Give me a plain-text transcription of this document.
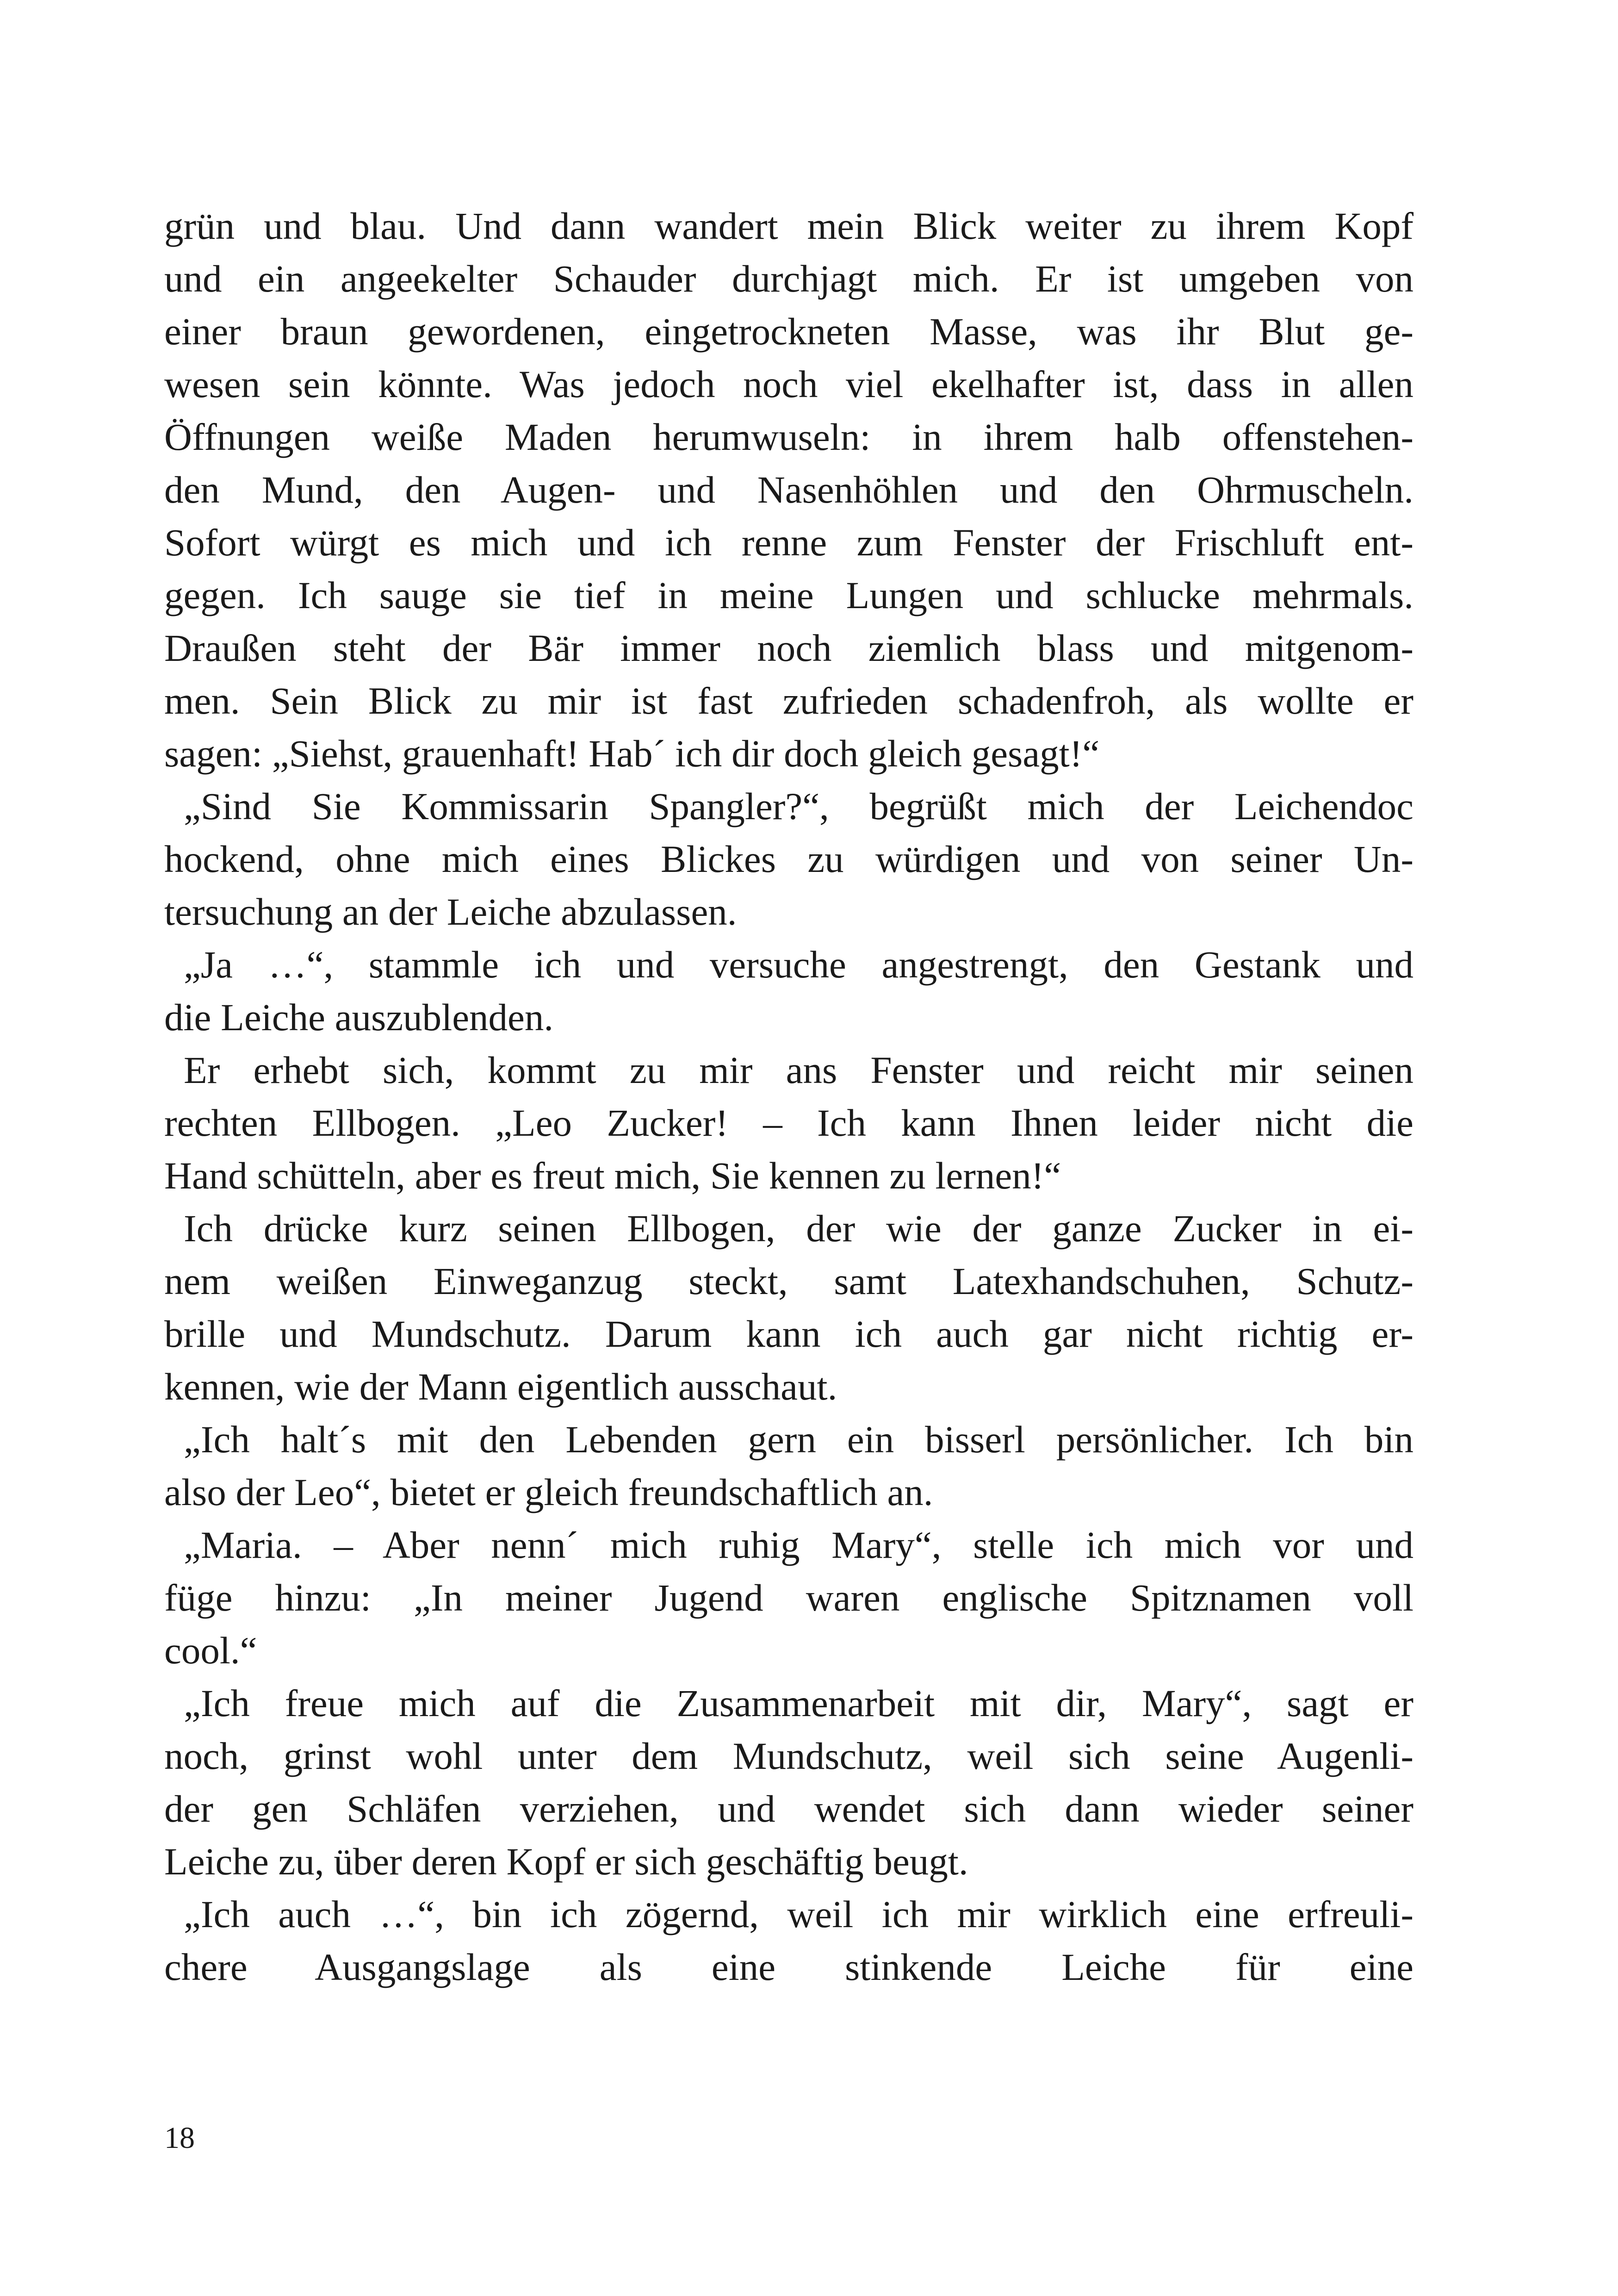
grün und blau. Und dann wandert mein Blick weiter zu ihrem Kopf
und ein angeekelter Schauder durchjagt mich. Er ist umgeben von
einer braun gewordenen, eingetrockneten Masse, was ihr Blut ge-
wesen sein könnte. Was jedoch noch viel ekelhafter ist, dass in allen
Öffnungen weiße Maden herumwuseln: in ihrem halb offenstehen-
den Mund, den Augen- und Nasenhöhlen und den Ohrmuscheln.
Sofort würgt es mich und ich renne zum Fenster der Frischluft ent-
gegen. Ich sauge sie tief in meine Lungen und schlucke mehrmals.
Draußen steht der Bär immer noch ziemlich blass und mitgenom-
men. Sein Blick zu mir ist fast zufrieden schadenfroh, als wollte er
sagen: „Siehst, grauenhaft! Hab´ ich dir doch gleich gesagt!“
„Sind Sie Kommissarin Spangler?“, begrüßt mich der Leichendoc
hockend, ohne mich eines Blickes zu würdigen und von seiner Un-
tersuchung an der Leiche abzulassen.
„Ja …“, stammle ich und versuche angestrengt, den Gestank und
die Leiche auszublenden.
Er erhebt sich, kommt zu mir ans Fenster und reicht mir seinen
rechten Ellbogen. „Leo Zucker! – Ich kann Ihnen leider nicht die
Hand schütteln, aber es freut mich, Sie kennen zu lernen!“
Ich drücke kurz seinen Ellbogen, der wie der ganze Zucker in ei-
nem weißen Einweganzug steckt, samt Latexhandschuhen, Schutz-
brille und Mundschutz. Darum kann ich auch gar nicht richtig er-
kennen, wie der Mann eigentlich ausschaut.
„Ich halt´s mit den Lebenden gern ein bisserl persönlicher. Ich bin
also der Leo“, bietet er gleich freundschaftlich an.
„Maria. – Aber nenn´ mich ruhig Mary“, stelle ich mich vor und
füge hinzu: „In meiner Jugend waren englische Spitznamen voll
cool.“
„Ich freue mich auf die Zusammenarbeit mit dir, Mary“, sagt er
noch, grinst wohl unter dem Mundschutz, weil sich seine Augenli-
der gen Schläfen verziehen, und wendet sich dann wieder seiner
Leiche zu, über deren Kopf er sich geschäftig beugt.
„Ich auch …“, bin ich zögernd, weil ich mir wirklich eine erfreuli-
chere Ausgangslage als eine stinkende Leiche für eine
18
